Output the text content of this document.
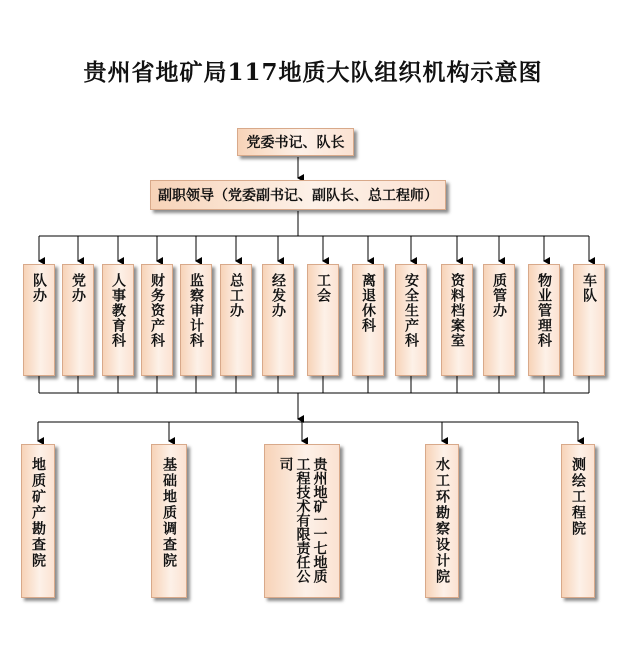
贵州省地矿局117地质大队组织机构示意图
党委书记、队长
副职领导（党委副书记、副队长、总工程师）
队办 党办 人事教育科 财务资产科 监察审计科 总工办 经发办 工会 离退休科 安全生产科 资料档案室 质管办 物业管理科 车队
地质矿产勘查院	基础地质调查院	贵州地矿一一七地质工程技术有限责任公司	水工环勘察设计院	测绘工程院
